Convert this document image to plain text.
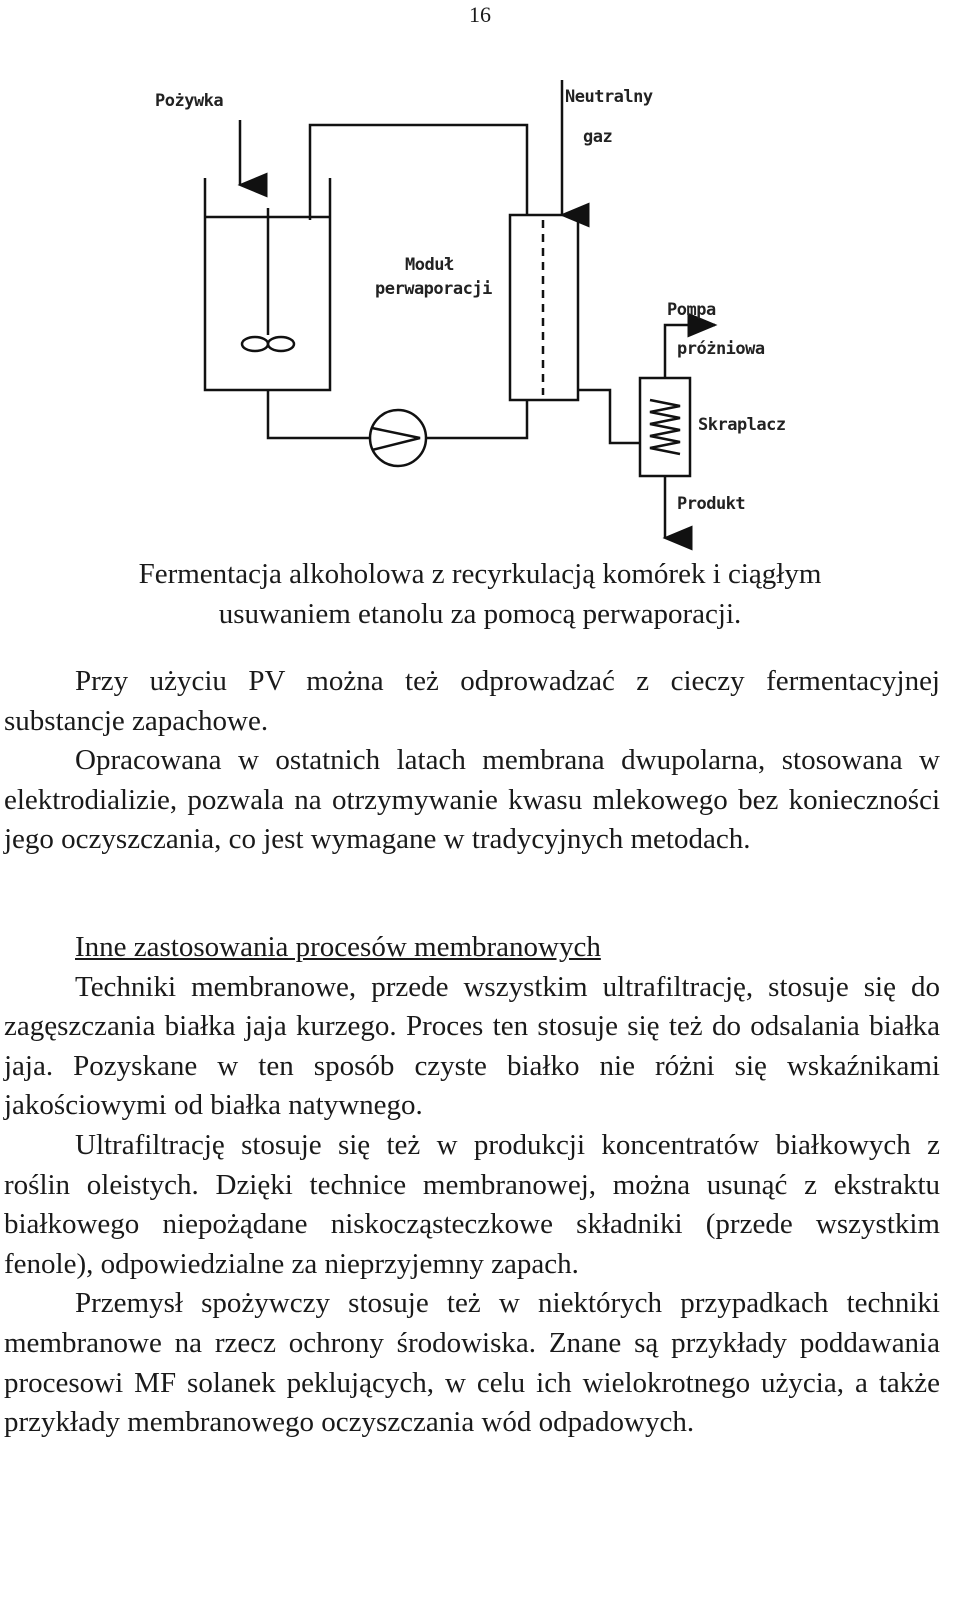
16
Pożywka	Neutralny
gaz
Moduł
perwaporacji
Pompa
próżniowa
Skraplacz
Produkt
Fermentacja alkoholowa z recyrkulacją komórek i ciągłym
usuwaniem etanolu za pomocą perwaporacji.

Przy użyciu PV można też odprowadzać z cieczy fermentacyjnej substancje zapachowe.

Opracowana w ostatnich latach membrana dwupolarna, stosowana w elektrodializie, pozwala na otrzymywanie kwasu mlekowego bez konieczności jego oczyszczania, co jest wymagane w tradycyjnych metodach.

Inne zastosowania procesów membranowych

Techniki membranowe, przede wszystkim ultrafiltrację, stosuje się do zagęszczania białka jaja kurzego. Proces ten stosuje się też do odsalania białka jaja. Pozyskane w ten sposób czyste białko nie różni się wskaźnikami jakościowymi od białka natywnego.

Ultrafiltrację stosuje się też w produkcji koncentratów białkowych z roślin oleistych. Dzięki technice membranowej, można usunąć z ekstraktu białkowego niepożądane niskocząsteczkowe składniki (przede wszystkim fenole), odpowiedzialne za nieprzyjemny zapach.

Przemysł spożywczy stosuje też w niektórych przypadkach techniki membranowe na rzecz ochrony środowiska. Znane są przykłady poddawania procesowi MF solanek peklujących, w celu ich wielokrotnego użycia, a także przykłady membranowego oczyszczania wód odpadowych.
